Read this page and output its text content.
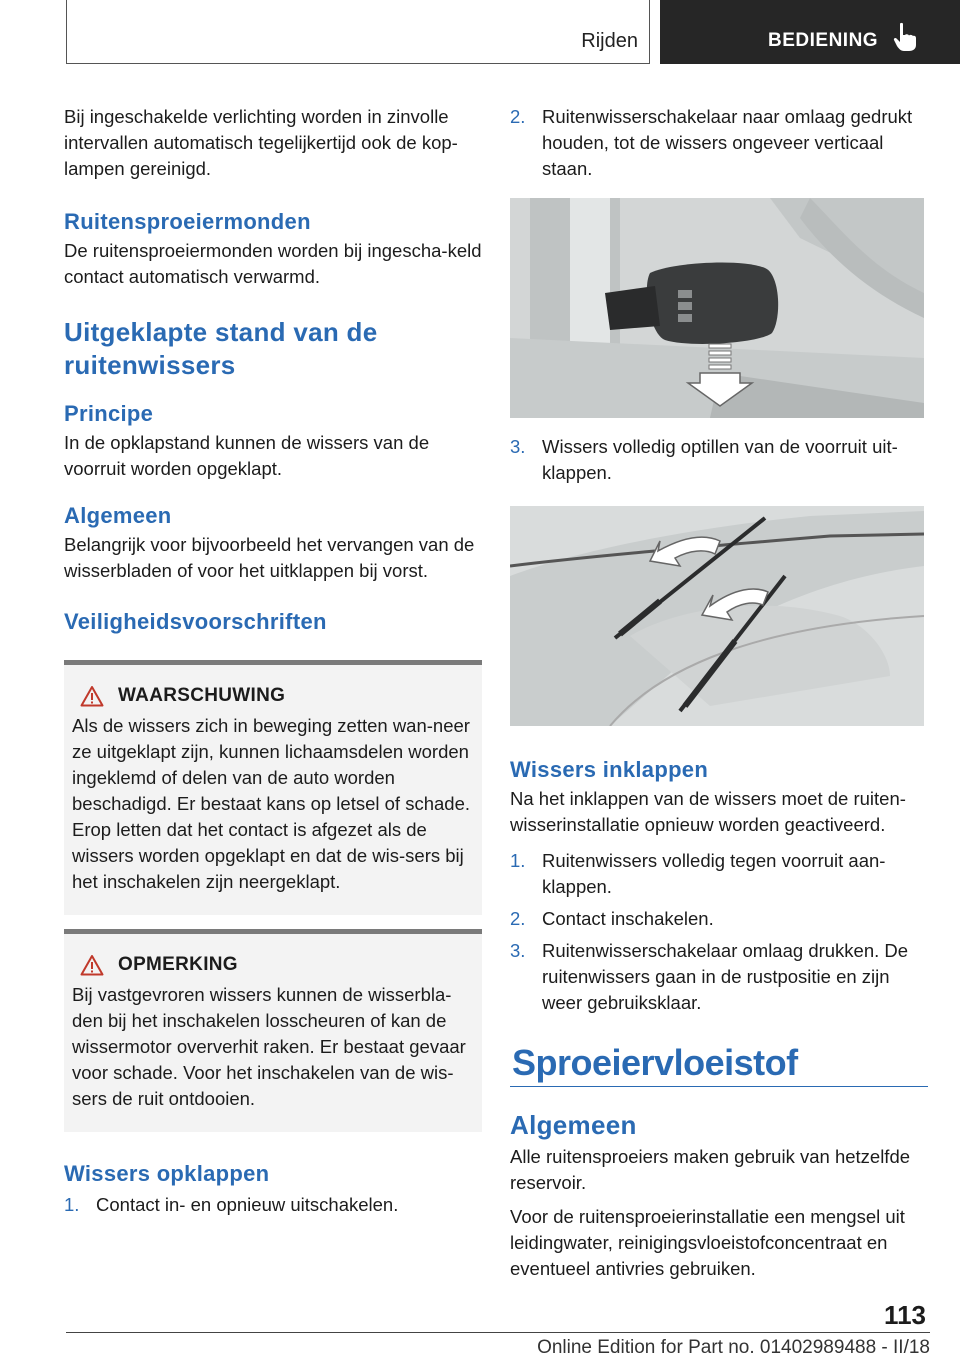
Rijden	BEDIENING

Bij ingeschakelde verlichting worden in zinvolle intervallen automatisch tegelijkertijd ook de kop‐lampen gereinigd.

Ruitensproeiermonden

De ruitensproeiermonden worden bij ingescha‐keld contact automatisch verwarmd.

Uitgeklapte stand van de ruitenwissers
Principe

In de opklapstand kunnen de wissers van de voorruit worden opgeklapt.

Algemeen

Belangrijk voor bijvoorbeeld het vervangen van de wisserbladen of voor het uitklappen bij vorst.

Veiligheidsvoorschriften
WAARSCHUWING

Als de wissers zich in beweging zetten wan‐neer ze uitgeklapt zijn, kunnen lichaamsdelen worden ingeklemd of delen van de auto worden beschadigd. Er bestaat kans op letsel of schade. Erop letten dat het contact is afgezet als de wissers worden opgeklapt en dat de wis‐sers bij het inschakelen zijn neergeklapt.

OPMERKING

Bij vastgevroren wissers kunnen de wisserbla‐den bij het inschakelen losscheuren of kan de wissermotor oververhit raken. Er bestaat gevaar voor schade. Voor het inschakelen van de wis‐sers de ruit ontdooien.

Wissers opklappen
1. Contact in- en opnieuw uitschakelen.
2. Ruitenwisserschakelaar naar omlaag gedrukt houden, tot de wissers ongeveer verticaal staan.
3. Wissers volledig optillen van de voorruit uit‐klappen.
Wissers inklappen

Na het inklappen van de wissers moet de ruiten‐wisserinstallatie opnieuw worden geactiveerd.

1. Ruitenwissers volledig tegen voorruit aan‐klappen.
2. Contact inschakelen.
3. Ruitenwisserschakelaar omlaag drukken. De ruitenwissers gaan in de rustpositie en zijn weer gebruiksklaar.
Sproeiervloeistof
Algemeen

Alle ruitensproeiers maken gebruik van hetzelfde reservoir.

Voor de ruitensproeierinstallatie een mengsel uit leidingwater, reinigingsvloeistofconcentraat en eventueel antivries gebruiken.

113
Online Edition for Part no. 01402989488 - II/18
